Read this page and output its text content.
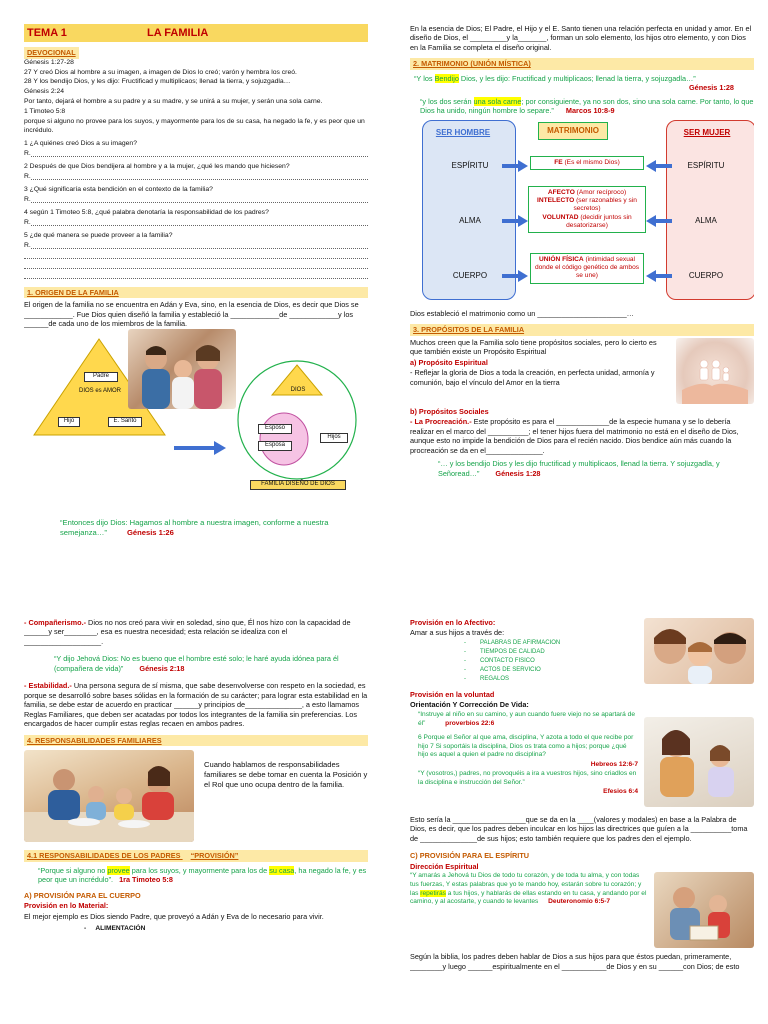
TEMA 1	LA FAMILIA
DEVOCIONAL

Génesis 1:27-28

27 Y creó Dios al hombre a su imagen, a imagen de Dios lo creó; varón y hembra los creó.

28 Y los bendijo Dios, y les dijo: Fructificad y multiplicaos; llenad la tierra, y sojuzgadla…

Génesis 2:24

Por tanto, dejará el hombre a su padre y a su madre, y se unirá a su mujer, y serán una sola carne.

1 Timoteo 5:8

porque si alguno no provee para los suyos, y mayormente para los de su casa, ha negado la fe, y es peor que un incrédulo.

1 ¿A quiénes creó Dios a su imagen?

R.

2 Después de que Dios bendijera al hombre y a la mujer, ¿qué les mando que hiciesen?

R.

3 ¿Qué significaría esta bendición en el contexto de la familia?

R.

4 según 1 Timoteo 5:8, ¿qué palabra denotaría la responsabilidad de los padres?

R.

5 ¿de qué manera se puede proveer a la familia?

R.
1. ORIGEN DE LA FAMILIA

El origen de la familia no se encuentra en Adán y Eva, sino, en la esencia de Dios, es decir que Dios se ____________. Fue Dios quien diseñó la familia y estableció la ____________de ____________y los ______de cada uno de los miembros de la familia.

Padre
DIOS es AMOR
Hijo	E. Santo
DIOS
Esposo
Esposa
Hijos
FAMILIA DISEÑO DE DIOS
“Entonces dijo Dios: Hagamos al hombre a nuestra imagen, conforme a nuestra semejanza…”	Génesis 1:26

En la esencia de Dios; El Padre, el Hijo y el E. Santo tienen una relación perfecta en unidad y amor. En el diseño de Dios, el _________y la_______, forman un solo elemento, los hijos otro elemento, y con Dios en la Familia se completa el diseño original.

2. MATRIMONIO (UNIÓN MÍSTICA)
“Y los Bendijo Dios, y les dijo: Fructificad y multiplicaos; llenad la tierra, y sojuzgadla…”
Génesis 1:28
“y los dos serán una sola carne; por consiguiente, ya no son dos, sino una sola carne. Por tanto, lo que Dios ha unido, ningún hombre lo separe.” Marcos 10:8-9
SER HOMBRE	SER MUJER
MATRIMONIO
ESPÍRITU
ALMA
CUERPO
ESPÍRITU
ALMA
CUERPO
FE (Es el mismo Dios)
AFECTO (Amor recíproco)
INTELECTO (ser razonables y sin secretos)
VOLUNTAD (decidir juntos sin desatorizarse)
UNIÓN FÍSICA (intimidad sexual donde el código genético de ambos se une)

Dios estableció el matrimonio como un ______________________…

3. PROPÓSITOS DE LA FAMILIA

Muchos creen que la Familia solo tiene propósitos sociales, pero lo cierto es que también existe un Propósito Espiritual

a) Propósito Espiritual

- Reflejar la gloria de Dios a toda la creación, en perfecta unidad, armonía y comunión, bajo el vínculo del Amor en la tierra

b) Propósitos Sociales

- La Procreación.- Este propósito es para el _____________de la especie humana y se lo debería realizar en el marco del __________; el tener hijos fuera del matrimonio no está en el diseño de Dios, aunque esto no impide la bendición de Dios para el recién nacido. Dios bendice aún más cuando la procreación se da en el______________.

“… y los bendijo Dios y les dijo fructificad y multiplicaos, llenad la tierra. Y sojuzgadla, y Señoread…” Génesis 1:28

- Compañerismo.- Dios no nos creó para vivir en soledad, sino que, Él nos hizo con la capacidad de ______y ser________, esa es nuestra necesidad; esta relación se idealiza con el ___________________.

“Y dijo Jehová Dios: No es bueno que el hombre esté solo; le haré ayuda idónea para él (compañera de vida)” Génesis 2:18

- Estabilidad.- Una persona segura de sí misma, que sabe desenvolverse con respeto en la sociedad, es porque se desarrolló sobre bases sólidas en la formación de su carácter; para lograr esta estabilidad en la familia, se debe estar de acuerdo en practicar ______y principios de______________, a esto llamamos Reglas Familiares, que deben ser acatadas por todos los integrantes de la familia sin preferencias. Los encargados de hacer cumplir estas reglas recaen en ambos padres.

4. RESPONSABILIDADES FAMILIARES

Cuando hablamos de responsabilidades familiares se debe tomar en cuenta la Posición y el Rol que uno ocupa dentro de la familia.

4.1 RESPONSABILIDADES DE LOS PADRES “PROVISIÓN”
“Porque si alguno no provee para los suyos, y mayormente para los de su casa, ha negado la fe, y es peor que un incrédulo”. 1ra Timoteo 5:8

A) PROVISIÓN PARA EL CUERPO

Provisión en lo Material:

El mejor ejemplo es Dios siendo Padre, que proveyó a Adán y Eva de lo necesario para vivir.

-     ALIMENTACIÓN

Provisión en lo Afectivo:

Amar a sus hijos a través de:

- PALABRAS DE AFIRMACION
- TIEMPOS DE CALIDAD
- CONTACTO FISICO
- ACTOS DE SERVICIO
- REGALOS

Provisión en la voluntad

Orientación Y Corrección De Vida:

“Instruye al niño en su camino, y aun cuando fuere viejo no se apartará de él”	proverbios 22:6

6 Porque el Señor al que ama, disciplina, Y azota a todo el que recibe por hijo 7 Si soportáis la disciplina, Dios os trata como a hijos; porque ¿qué hijo es aquel a quien el padre no disciplina?

Hebreos 12:6-7

“Y (vosotros,) padres, no provoquéis a ira a vuestros hijos, sino criadlos en la disciplina e instrucción del Señor.”

Efesios 6:4

Esto sería la __________________que se da en la ____(valores y modales) en base a la Palabra de Dios, es decir, que los padres deben inculcar en los hijos las directrices que guíen a la __________toma de ______________de sus hijos; esto también requiere que los padres den el ejemplo.

C) PROVISIÓN PARA EL ESPÍRITU

Dirección Espiritual

“Y amarás a Jehová tu Dios de todo tu corazón, y de toda tu alma, y con todas tus fuerzas, Y estas palabras que yo te mando hoy, estarán sobre tu corazón; y las repetirás a tus hijos, y hablarás de ellas estando en tu casa, y andando por el camino, y al acostarte, y cuando te levantes Deuteronomio 6:5-7

Según la biblia, los padres deben hablar de Dios a sus hijos para que éstos puedan, primeramente, ________y luego ______espiritualmente en el ___________de Dios y en su ______con Dios; de esto
